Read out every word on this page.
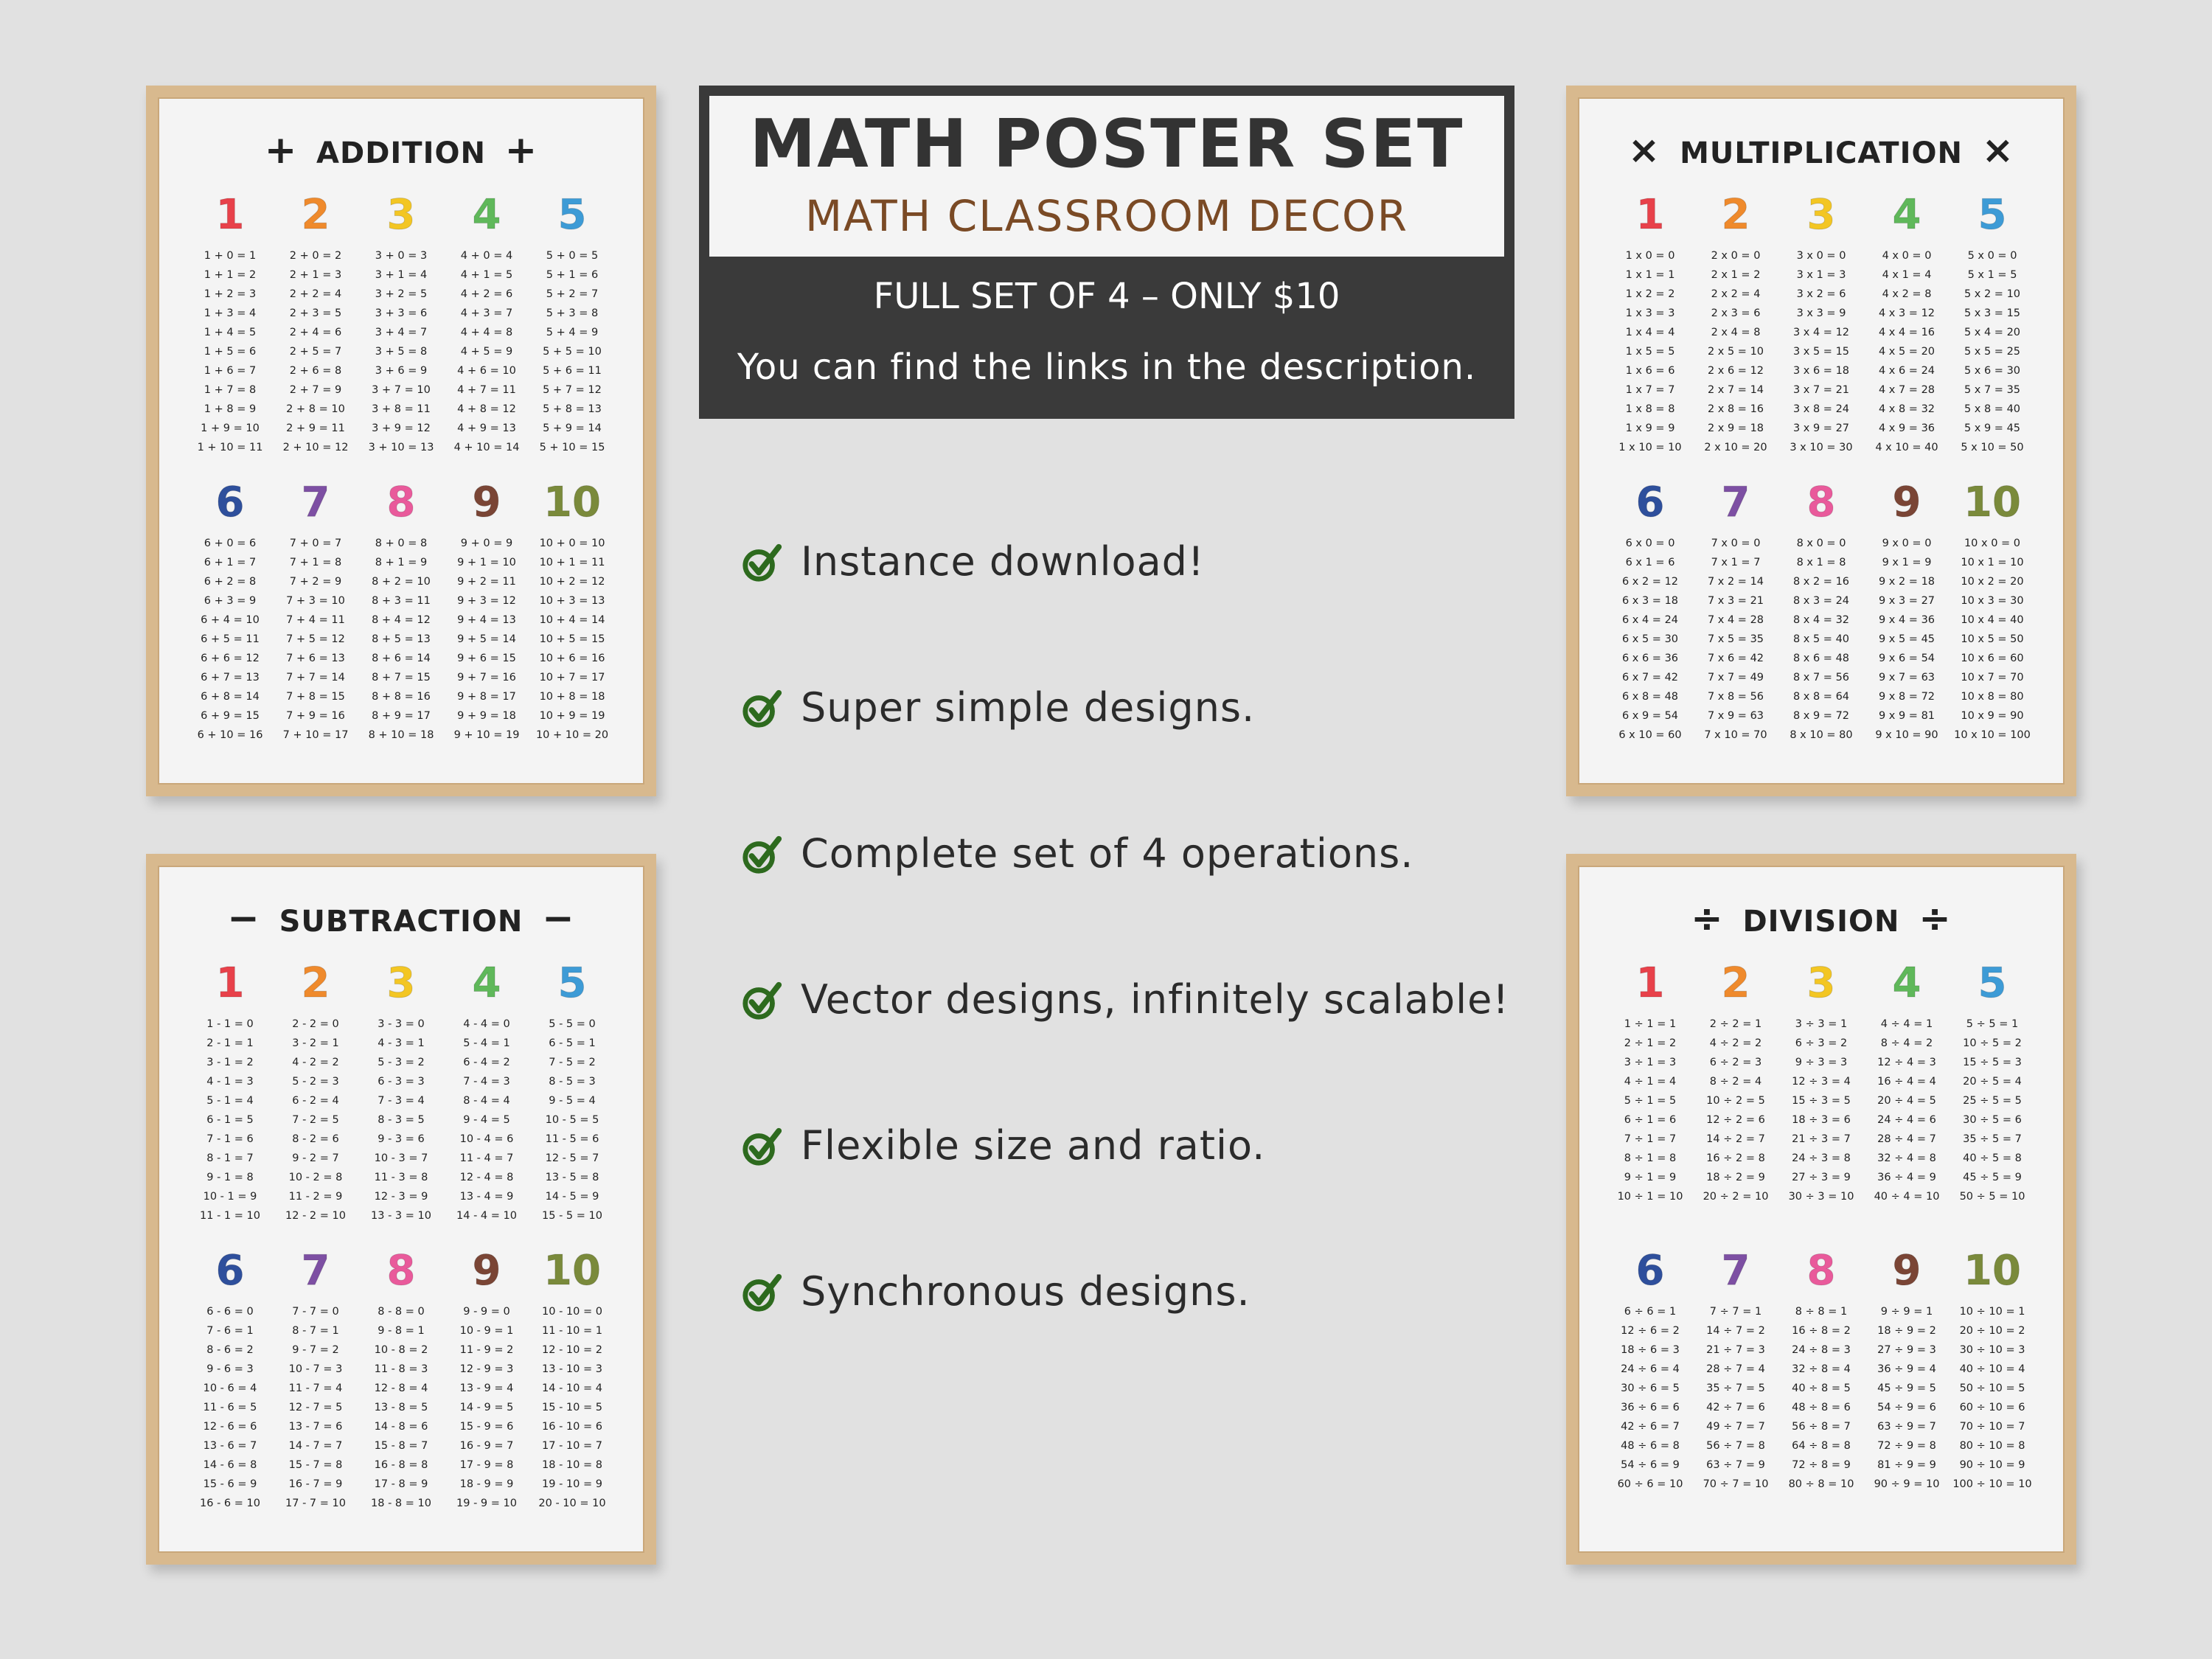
MATH POSTER SET
MATH CLASSROOM DECOR
FULL SET OF 4 – ONLY $10
You can find the links in the description.
Instance download!
Super simple designs.
Complete set of 4 operations.
Vector designs, infinitely scalable!
Flexible size and ratio.
Synchronous designs.
+ ADDITION +
1
1 + 0 = 1
1 + 1 = 2
1 + 2 = 3
1 + 3 = 4
1 + 4 = 5
1 + 5 = 6
1 + 6 = 7
1 + 7 = 8
1 + 8 = 9
1 + 9 = 10
1 + 10 = 11
2
2 + 0 = 2
2 + 1 = 3
2 + 2 = 4
2 + 3 = 5
2 + 4 = 6
2 + 5 = 7
2 + 6 = 8
2 + 7 = 9
2 + 8 = 10
2 + 9 = 11
2 + 10 = 12
3
3 + 0 = 3
3 + 1 = 4
3 + 2 = 5
3 + 3 = 6
3 + 4 = 7
3 + 5 = 8
3 + 6 = 9
3 + 7 = 10
3 + 8 = 11
3 + 9 = 12
3 + 10 = 13
4
4 + 0 = 4
4 + 1 = 5
4 + 2 = 6
4 + 3 = 7
4 + 4 = 8
4 + 5 = 9
4 + 6 = 10
4 + 7 = 11
4 + 8 = 12
4 + 9 = 13
4 + 10 = 14
5
5 + 0 = 5
5 + 1 = 6
5 + 2 = 7
5 + 3 = 8
5 + 4 = 9
5 + 5 = 10
5 + 6 = 11
5 + 7 = 12
5 + 8 = 13
5 + 9 = 14
5 + 10 = 15
6
6 + 0 = 6
6 + 1 = 7
6 + 2 = 8
6 + 3 = 9
6 + 4 = 10
6 + 5 = 11
6 + 6 = 12
6 + 7 = 13
6 + 8 = 14
6 + 9 = 15
6 + 10 = 16
7
7 + 0 = 7
7 + 1 = 8
7 + 2 = 9
7 + 3 = 10
7 + 4 = 11
7 + 5 = 12
7 + 6 = 13
7 + 7 = 14
7 + 8 = 15
7 + 9 = 16
7 + 10 = 17
8
8 + 0 = 8
8 + 1 = 9
8 + 2 = 10
8 + 3 = 11
8 + 4 = 12
8 + 5 = 13
8 + 6 = 14
8 + 7 = 15
8 + 8 = 16
8 + 9 = 17
8 + 10 = 18
9
9 + 0 = 9
9 + 1 = 10
9 + 2 = 11
9 + 3 = 12
9 + 4 = 13
9 + 5 = 14
9 + 6 = 15
9 + 7 = 16
9 + 8 = 17
9 + 9 = 18
9 + 10 = 19
10
10 + 0 = 10
10 + 1 = 11
10 + 2 = 12
10 + 3 = 13
10 + 4 = 14
10 + 5 = 15
10 + 6 = 16
10 + 7 = 17
10 + 8 = 18
10 + 9 = 19
10 + 10 = 20
× MULTIPLICATION ×
1
1 x 0 = 0
1 x 1 = 1
1 x 2 = 2
1 x 3 = 3
1 x 4 = 4
1 x 5 = 5
1 x 6 = 6
1 x 7 = 7
1 x 8 = 8
1 x 9 = 9
1 x 10 = 10
2
2 x 0 = 0
2 x 1 = 2
2 x 2 = 4
2 x 3 = 6
2 x 4 = 8
2 x 5 = 10
2 x 6 = 12
2 x 7 = 14
2 x 8 = 16
2 x 9 = 18
2 x 10 = 20
3
3 x 0 = 0
3 x 1 = 3
3 x 2 = 6
3 x 3 = 9
3 x 4 = 12
3 x 5 = 15
3 x 6 = 18
3 x 7 = 21
3 x 8 = 24
3 x 9 = 27
3 x 10 = 30
4
4 x 0 = 0
4 x 1 = 4
4 x 2 = 8
4 x 3 = 12
4 x 4 = 16
4 x 5 = 20
4 x 6 = 24
4 x 7 = 28
4 x 8 = 32
4 x 9 = 36
4 x 10 = 40
5
5 x 0 = 0
5 x 1 = 5
5 x 2 = 10
5 x 3 = 15
5 x 4 = 20
5 x 5 = 25
5 x 6 = 30
5 x 7 = 35
5 x 8 = 40
5 x 9 = 45
5 x 10 = 50
6
6 x 0 = 0
6 x 1 = 6
6 x 2 = 12
6 x 3 = 18
6 x 4 = 24
6 x 5 = 30
6 x 6 = 36
6 x 7 = 42
6 x 8 = 48
6 x 9 = 54
6 x 10 = 60
7
7 x 0 = 0
7 x 1 = 7
7 x 2 = 14
7 x 3 = 21
7 x 4 = 28
7 x 5 = 35
7 x 6 = 42
7 x 7 = 49
7 x 8 = 56
7 x 9 = 63
7 x 10 = 70
8
8 x 0 = 0
8 x 1 = 8
8 x 2 = 16
8 x 3 = 24
8 x 4 = 32
8 x 5 = 40
8 x 6 = 48
8 x 7 = 56
8 x 8 = 64
8 x 9 = 72
8 x 10 = 80
9
9 x 0 = 0
9 x 1 = 9
9 x 2 = 18
9 x 3 = 27
9 x 4 = 36
9 x 5 = 45
9 x 6 = 54
9 x 7 = 63
9 x 8 = 72
9 x 9 = 81
9 x 10 = 90
10
10 x 0 = 0
10 x 1 = 10
10 x 2 = 20
10 x 3 = 30
10 x 4 = 40
10 x 5 = 50
10 x 6 = 60
10 x 7 = 70
10 x 8 = 80
10 x 9 = 90
10 x 10 = 100
− SUBTRACTION −
1
1 - 1 = 0
2 - 1 = 1
3 - 1 = 2
4 - 1 = 3
5 - 1 = 4
6 - 1 = 5
7 - 1 = 6
8 - 1 = 7
9 - 1 = 8
10 - 1 = 9
11 - 1 = 10
2
2 - 2 = 0
3 - 2 = 1
4 - 2 = 2
5 - 2 = 3
6 - 2 = 4
7 - 2 = 5
8 - 2 = 6
9 - 2 = 7
10 - 2 = 8
11 - 2 = 9
12 - 2 = 10
3
3 - 3 = 0
4 - 3 = 1
5 - 3 = 2
6 - 3 = 3
7 - 3 = 4
8 - 3 = 5
9 - 3 = 6
10 - 3 = 7
11 - 3 = 8
12 - 3 = 9
13 - 3 = 10
4
4 - 4 = 0
5 - 4 = 1
6 - 4 = 2
7 - 4 = 3
8 - 4 = 4
9 - 4 = 5
10 - 4 = 6
11 - 4 = 7
12 - 4 = 8
13 - 4 = 9
14 - 4 = 10
5
5 - 5 = 0
6 - 5 = 1
7 - 5 = 2
8 - 5 = 3
9 - 5 = 4
10 - 5 = 5
11 - 5 = 6
12 - 5 = 7
13 - 5 = 8
14 - 5 = 9
15 - 5 = 10
6
6 - 6 = 0
7 - 6 = 1
8 - 6 = 2
9 - 6 = 3
10 - 6 = 4
11 - 6 = 5
12 - 6 = 6
13 - 6 = 7
14 - 6 = 8
15 - 6 = 9
16 - 6 = 10
7
7 - 7 = 0
8 - 7 = 1
9 - 7 = 2
10 - 7 = 3
11 - 7 = 4
12 - 7 = 5
13 - 7 = 6
14 - 7 = 7
15 - 7 = 8
16 - 7 = 9
17 - 7 = 10
8
8 - 8 = 0
9 - 8 = 1
10 - 8 = 2
11 - 8 = 3
12 - 8 = 4
13 - 8 = 5
14 - 8 = 6
15 - 8 = 7
16 - 8 = 8
17 - 8 = 9
18 - 8 = 10
9
9 - 9 = 0
10 - 9 = 1
11 - 9 = 2
12 - 9 = 3
13 - 9 = 4
14 - 9 = 5
15 - 9 = 6
16 - 9 = 7
17 - 9 = 8
18 - 9 = 9
19 - 9 = 10
10
10 - 10 = 0
11 - 10 = 1
12 - 10 = 2
13 - 10 = 3
14 - 10 = 4
15 - 10 = 5
16 - 10 = 6
17 - 10 = 7
18 - 10 = 8
19 - 10 = 9
20 - 10 = 10
÷ DIVISION ÷
1
1 ÷ 1 = 1
2 ÷ 1 = 2
3 ÷ 1 = 3
4 ÷ 1 = 4
5 ÷ 1 = 5
6 ÷ 1 = 6
7 ÷ 1 = 7
8 ÷ 1 = 8
9 ÷ 1 = 9
10 ÷ 1 = 10
2
2 ÷ 2 = 1
4 ÷ 2 = 2
6 ÷ 2 = 3
8 ÷ 2 = 4
10 ÷ 2 = 5
12 ÷ 2 = 6
14 ÷ 2 = 7
16 ÷ 2 = 8
18 ÷ 2 = 9
20 ÷ 2 = 10
3
3 ÷ 3 = 1
6 ÷ 3 = 2
9 ÷ 3 = 3
12 ÷ 3 = 4
15 ÷ 3 = 5
18 ÷ 3 = 6
21 ÷ 3 = 7
24 ÷ 3 = 8
27 ÷ 3 = 9
30 ÷ 3 = 10
4
4 ÷ 4 = 1
8 ÷ 4 = 2
12 ÷ 4 = 3
16 ÷ 4 = 4
20 ÷ 4 = 5
24 ÷ 4 = 6
28 ÷ 4 = 7
32 ÷ 4 = 8
36 ÷ 4 = 9
40 ÷ 4 = 10
5
5 ÷ 5 = 1
10 ÷ 5 = 2
15 ÷ 5 = 3
20 ÷ 5 = 4
25 ÷ 5 = 5
30 ÷ 5 = 6
35 ÷ 5 = 7
40 ÷ 5 = 8
45 ÷ 5 = 9
50 ÷ 5 = 10
6
6 ÷ 6 = 1
12 ÷ 6 = 2
18 ÷ 6 = 3
24 ÷ 6 = 4
30 ÷ 6 = 5
36 ÷ 6 = 6
42 ÷ 6 = 7
48 ÷ 6 = 8
54 ÷ 6 = 9
60 ÷ 6 = 10
7
7 ÷ 7 = 1
14 ÷ 7 = 2
21 ÷ 7 = 3
28 ÷ 7 = 4
35 ÷ 7 = 5
42 ÷ 7 = 6
49 ÷ 7 = 7
56 ÷ 7 = 8
63 ÷ 7 = 9
70 ÷ 7 = 10
8
8 ÷ 8 = 1
16 ÷ 8 = 2
24 ÷ 8 = 3
32 ÷ 8 = 4
40 ÷ 8 = 5
48 ÷ 8 = 6
56 ÷ 8 = 7
64 ÷ 8 = 8
72 ÷ 8 = 9
80 ÷ 8 = 10
9
9 ÷ 9 = 1
18 ÷ 9 = 2
27 ÷ 9 = 3
36 ÷ 9 = 4
45 ÷ 9 = 5
54 ÷ 9 = 6
63 ÷ 9 = 7
72 ÷ 9 = 8
81 ÷ 9 = 9
90 ÷ 9 = 10
10
10 ÷ 10 = 1
20 ÷ 10 = 2
30 ÷ 10 = 3
40 ÷ 10 = 4
50 ÷ 10 = 5
60 ÷ 10 = 6
70 ÷ 10 = 7
80 ÷ 10 = 8
90 ÷ 10 = 9
100 ÷ 10 = 10
